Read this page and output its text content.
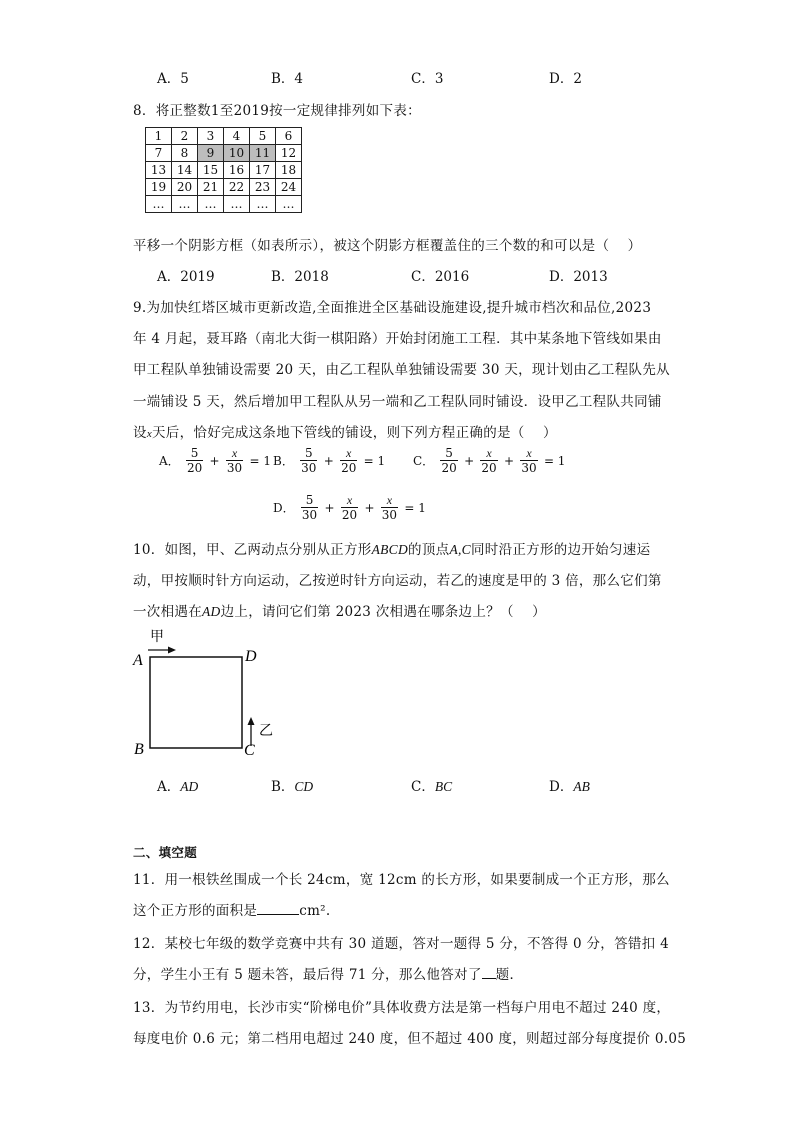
A．5	B．4	C．3	D．2
8．将正整数1至2019按一定规律排列如下表：
1	2	3	4	5	6
7	8	9	10	11	12
13	14	15	16	17	18
19	20	21	22	23	24
…	…	…	…	…	…
平移一个阴影方框（如表所示），被这个阴影方框覆盖住的三个数的和可以是（　 ）
A．2019	B．2018	C．2016	D．2013
9.为加快红塔区城市更新改造,全面推进全区基础设施建设,提升城市档次和品位,2023
年 4 月起，聂耳路（南北大街一棋阳路）开始封闭施工工程．其中某条地下管线如果由
甲工程队单独铺设需要 20 天，由乙工程队单独铺设需要 30 天，现计划由乙工程队先从
一端铺设 5 天，然后增加甲工程队从另一端和乙工程队同时铺设．设甲乙工程队共同铺
设x天后，恰好完成这条地下管线的铺设，则下列方程正确的是（　 ）
A． $\frac{5}{20} + \frac{x}{30} = 1$ B． $\frac{5}{30} + \frac{x}{20} = 1$ C． $\frac{5}{20} + \frac{x}{20} + \frac{x}{30} = 1$
D． $\frac{5}{30} + \frac{x}{20} + \frac{x}{30} = 1$
10．如图，甲、乙两动点分别从正方形ABCD的顶点A,C同时沿正方形的边开始匀速运
动，甲按顺时针方向运动，乙按逆时针方向运动，若乙的速度是甲的 3 倍，那么它们第
一次相遇在AD边上，请问它们第 2023 次相遇在哪条边上？（　 ）
甲
乙
A	D
B	C
A．AD	B．CD	C．BC	D．AB
二、填空题
11．用一根铁丝围成一个长 24cm，宽 12cm 的长方形，如果要制成一个正方形，那么
这个正方形的面积是	cm².
12．某校七年级的数学竞赛中共有 30 道题，答对一题得 5 分，不答得 0 分，答错扣 4
分，学生小王有 5 题未答，最后得 71 分，那么他答对了 题．
13．为节约用电，长沙市实“阶梯电价”具体收费方法是第一档每户用电不超过 240 度，
每度电价 0.6 元；第二档用电超过 240 度，但不超过 400 度，则超过部分每度提价 0.05
